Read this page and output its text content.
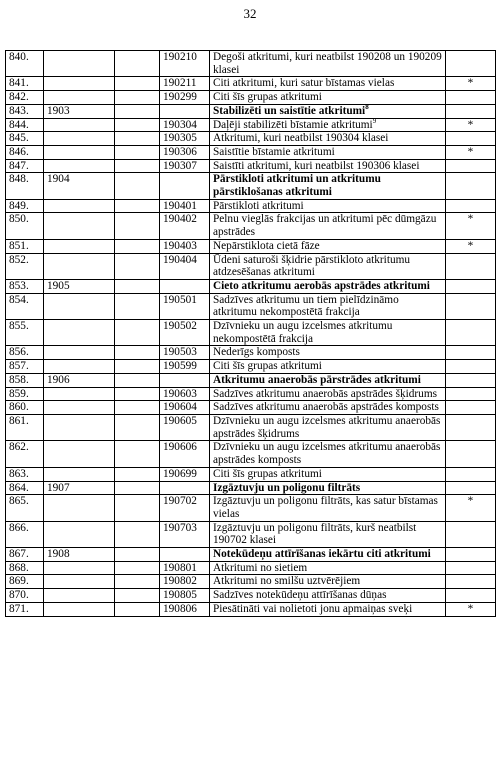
32
840.			190210	Degoši atkritumi, kuri neatbilst 190208 un 190209 klasei	
841.			190211	Citi atkritumi, kuri satur bīstamas vielas	*
842.			190299	Citi šīs grupas atkritumi	
843.	1903			Stabilizēti un saistītie atkritumi$^8$	
844.			190304	Daļēji stabilizēti bīstamie atkritumi$^9$	*
845.			190305	Atkritumi, kuri neatbilst 190304 klasei	
846.			190306	Saistītie bīstamie atkritumi	*
847.			190307	Saistīti atkritumi, kuri neatbilst 190306 klasei	
848.	1904			Pārstikloti atkritumi un atkritumu pārstiklošanas atkritumi	
849.			190401	Pārstikloti atkritumi	
850.			190402	Pelnu vieglās frakcijas un atkritumi pēc dūmgāzu apstrādes	*
851.			190403	Nepārstiklota cietā fāze	*
852.			190404	Ūdeni saturoši šķidrie pārstikloto atkritumu atdzesēšanas atkritumi	
853.	1905			Cieto atkritumu aerobās apstrādes atkritumi	
854.			190501	Sadzīves atkritumu un tiem pielīdzināmo atkritumu nekompostētā frakcija	
855.			190502	Dzīvnieku un augu izcelsmes atkritumu nekompostētā frakcija	
856.			190503	Nederīgs komposts	
857.			190599	Citi šīs grupas atkritumi	
858.	1906			Atkritumu anaerobās pārstrādes atkritumi	
859.			190603	Sadzīves atkritumu anaerobās apstrādes šķidrums	
860.			190604	Sadzīves atkritumu anaerobās apstrādes komposts	
861.			190605	Dzīvnieku un augu izcelsmes atkritumu anaerobās apstrādes šķidrums	
862.			190606	Dzīvnieku un augu izcelsmes atkritumu anaerobās apstrādes komposts	
863.			190699	Citi šīs grupas atkritumi	
864.	1907			Izgāztuvju un poligonu filtrāts	
865.			190702	Izgāztuvju un poligonu filtrāts, kas satur bīstamas vielas	*
866.			190703	Izgāztuvju un poligonu filtrāts, kurš neatbilst 190702 klasei	
867.	1908			Notekūdeņu attīrīšanas iekārtu citi atkritumi	
868.			190801	Atkritumi no sietiem	
869.			190802	Atkritumi no smilšu uztvērējiem	
870.			190805	Sadzīves notekūdeņu attīrīšanas dūņas	
871.			190806	Piesātināti vai nolietoti jonu apmaiņas sveķi	*
